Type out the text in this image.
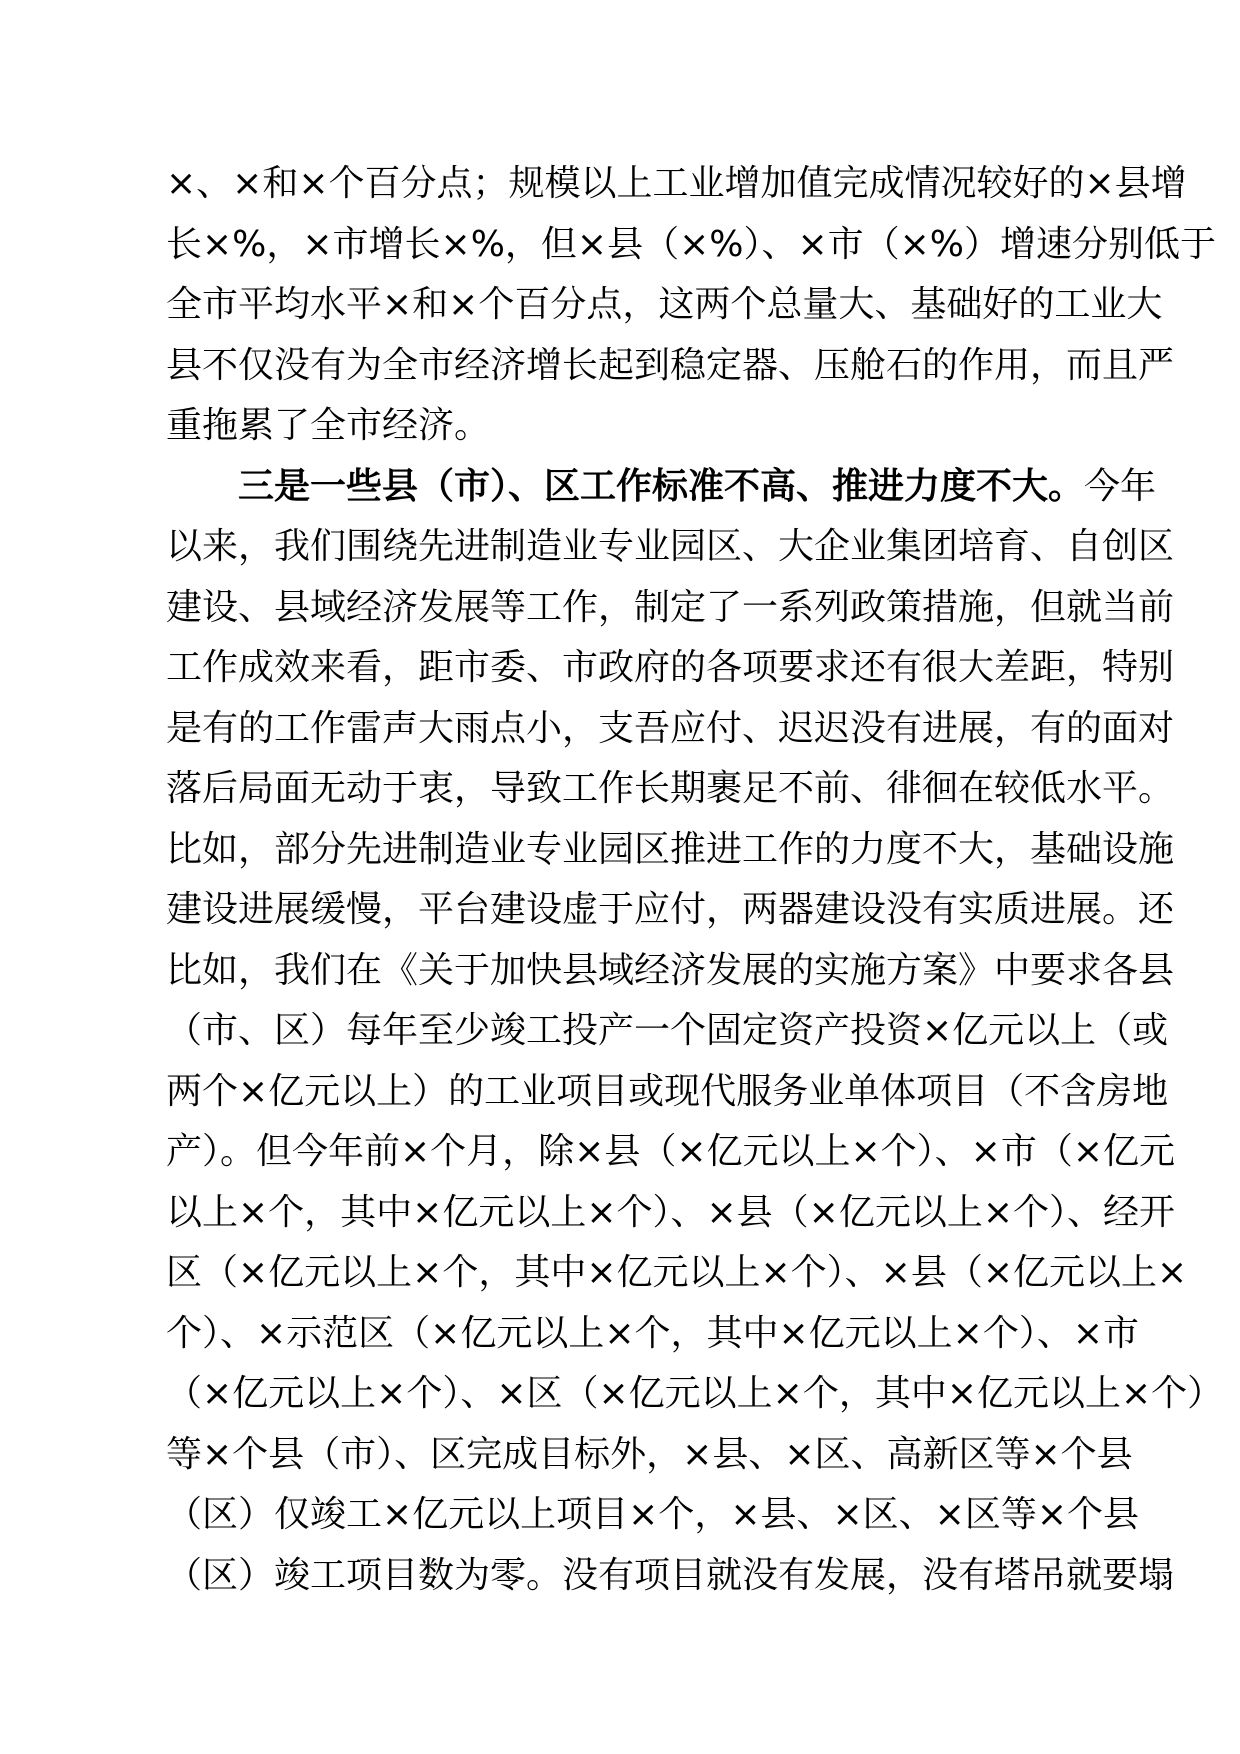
×、×和×个百分点；规模以上工业增加值完成情况较好的×县增
长×%，×市增长×%，但×县（×%）、×市（×%）增速分别低于
全市平均水平×和×个百分点，这两个总量大、基础好的工业大
县不仅没有为全市经济增长起到稳定器、压舱石的作用，而且严
重拖累了全市经济。
三是一些县（市）、区工作标准不高、推进力度不大。今年
以来，我们围绕先进制造业专业园区、大企业集团培育、自创区
建设、县域经济发展等工作，制定了一系列政策措施，但就当前
工作成效来看，距市委、市政府的各项要求还有很大差距，特别
是有的工作雷声大雨点小，支吾应付、迟迟没有进展，有的面对
落后局面无动于衷，导致工作长期裹足不前、徘徊在较低水平。
比如，部分先进制造业专业园区推进工作的力度不大，基础设施
建设进展缓慢，平台建设虚于应付，两器建设没有实质进展。还
比如，我们在《关于加快县域经济发展的实施方案》中要求各县
（市、区）每年至少竣工投产一个固定资产投资×亿元以上（或
两个×亿元以上）的工业项目或现代服务业单体项目（不含房地
产）。但今年前×个月，除×县（×亿元以上×个）、×市（×亿元
以上×个，其中×亿元以上×个）、×县（×亿元以上×个）、经开
区（×亿元以上×个，其中×亿元以上×个）、×县（×亿元以上×
个）、×示范区（×亿元以上×个，其中×亿元以上×个）、×市
（×亿元以上×个）、×区（×亿元以上×个，其中×亿元以上×个）
等×个县（市）、区完成目标外，×县、×区、高新区等×个县
（区）仅竣工×亿元以上项目×个，×县、×区、×区等×个县
（区）竣工项目数为零。没有项目就没有发展，没有塔吊就要塌
